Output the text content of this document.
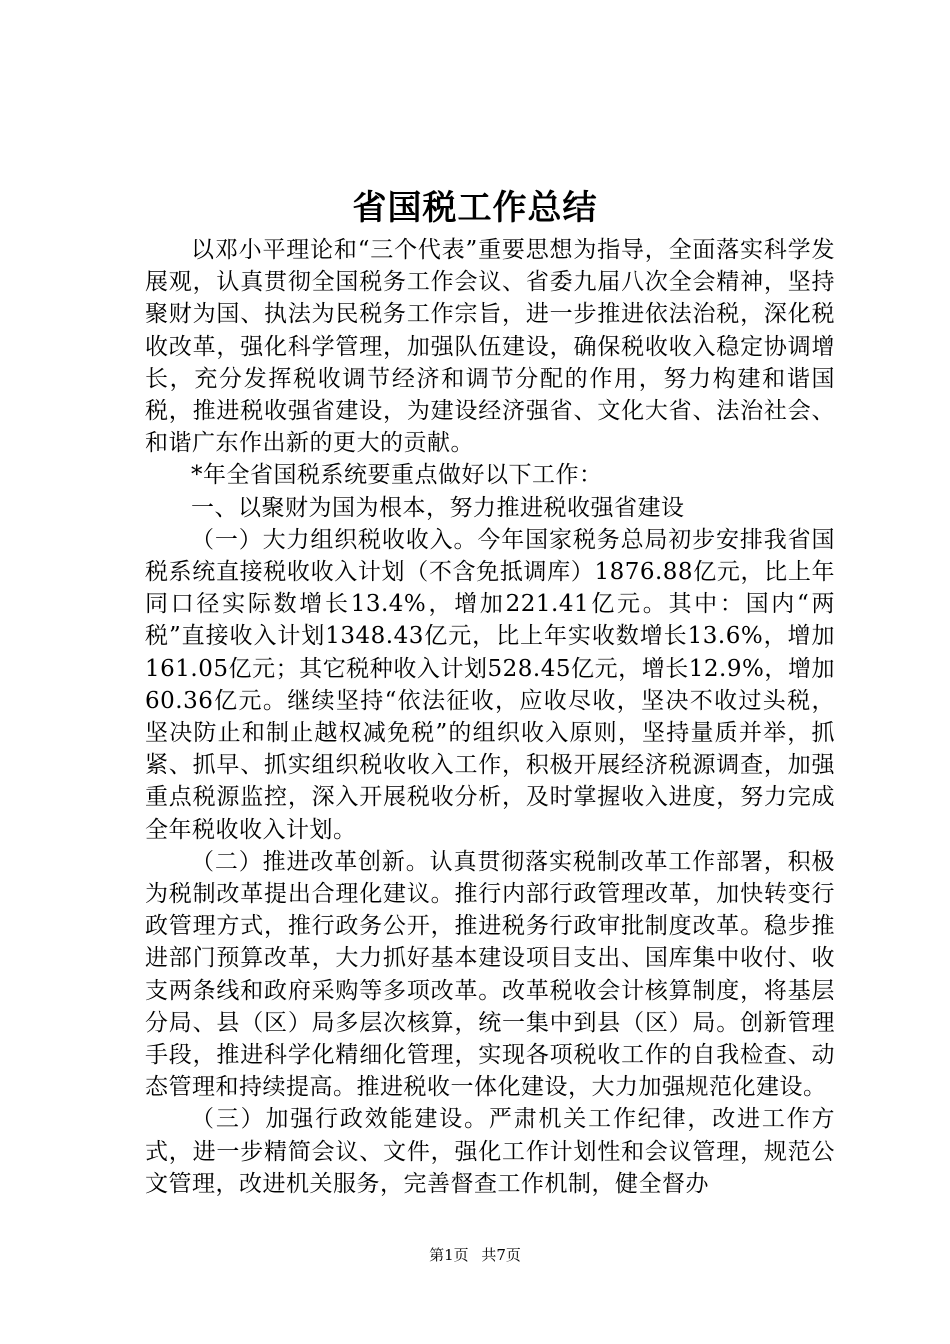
省国税工作总结

以邓小平理论和“三个代表”重要思想为指导，全面落实科学发展观，认真贯彻全国税务工作会议、省委九届八次全会精神，坚持聚财为国、执法为民税务工作宗旨，进一步推进依法治税，深化税收改革，强化科学管理，加强队伍建设，确保税收收入稳定协调增长，充分发挥税收调节经济和调节分配的作用，努力构建和谐国税，推进税收强省建设，为建设经济强省、文化大省、法治社会、和谐广东作出新的更大的贡献。

*年全省国税系统要重点做好以下工作：

一、以聚财为国为根本，努力推进税收强省建设

（一）大力组织税收收入。今年国家税务总局初步安排我省国税系统直接税收收入计划（不含免抵调库）1876.88亿元，比上年同口径实际数增长13.4%，增加221.41亿元。其中：国内“两税”直接收入计划1348.43亿元，比上年实收数增长13.6%，增加161.05亿元；其它税种收入计划528.45亿元，增长12.9%，增加60.36亿元。继续坚持“依法征收，应收尽收，坚决不收过头税，坚决防止和制止越权减免税”的组织收入原则，坚持量质并举，抓紧、抓早、抓实组织税收收入工作，积极开展经济税源调查，加强重点税源监控，深入开展税收分析，及时掌握收入进度，努力完成全年税收收入计划。

（二）推进改革创新。认真贯彻落实税制改革工作部署，积极为税制改革提出合理化建议。推行内部行政管理改革，加快转变行政管理方式，推行政务公开，推进税务行政审批制度改革。稳步推进部门预算改革，大力抓好基本建设项目支出、国库集中收付、收支两条线和政府采购等多项改革。改革税收会计核算制度，将基层分局、县（区）局多层次核算，统一集中到县（区）局。创新管理手段，推进科学化精细化管理，实现各项税收工作的自我检查、动态管理和持续提高。推进税收一体化建设，大力加强规范化建设。

（三）加强行政效能建设。严肃机关工作纪律，改进工作方式，进一步精简会议、文件，强化工作计划性和会议管理，规范公文管理，改进机关服务，完善督查工作机制，健全督办

第1页 共7页
